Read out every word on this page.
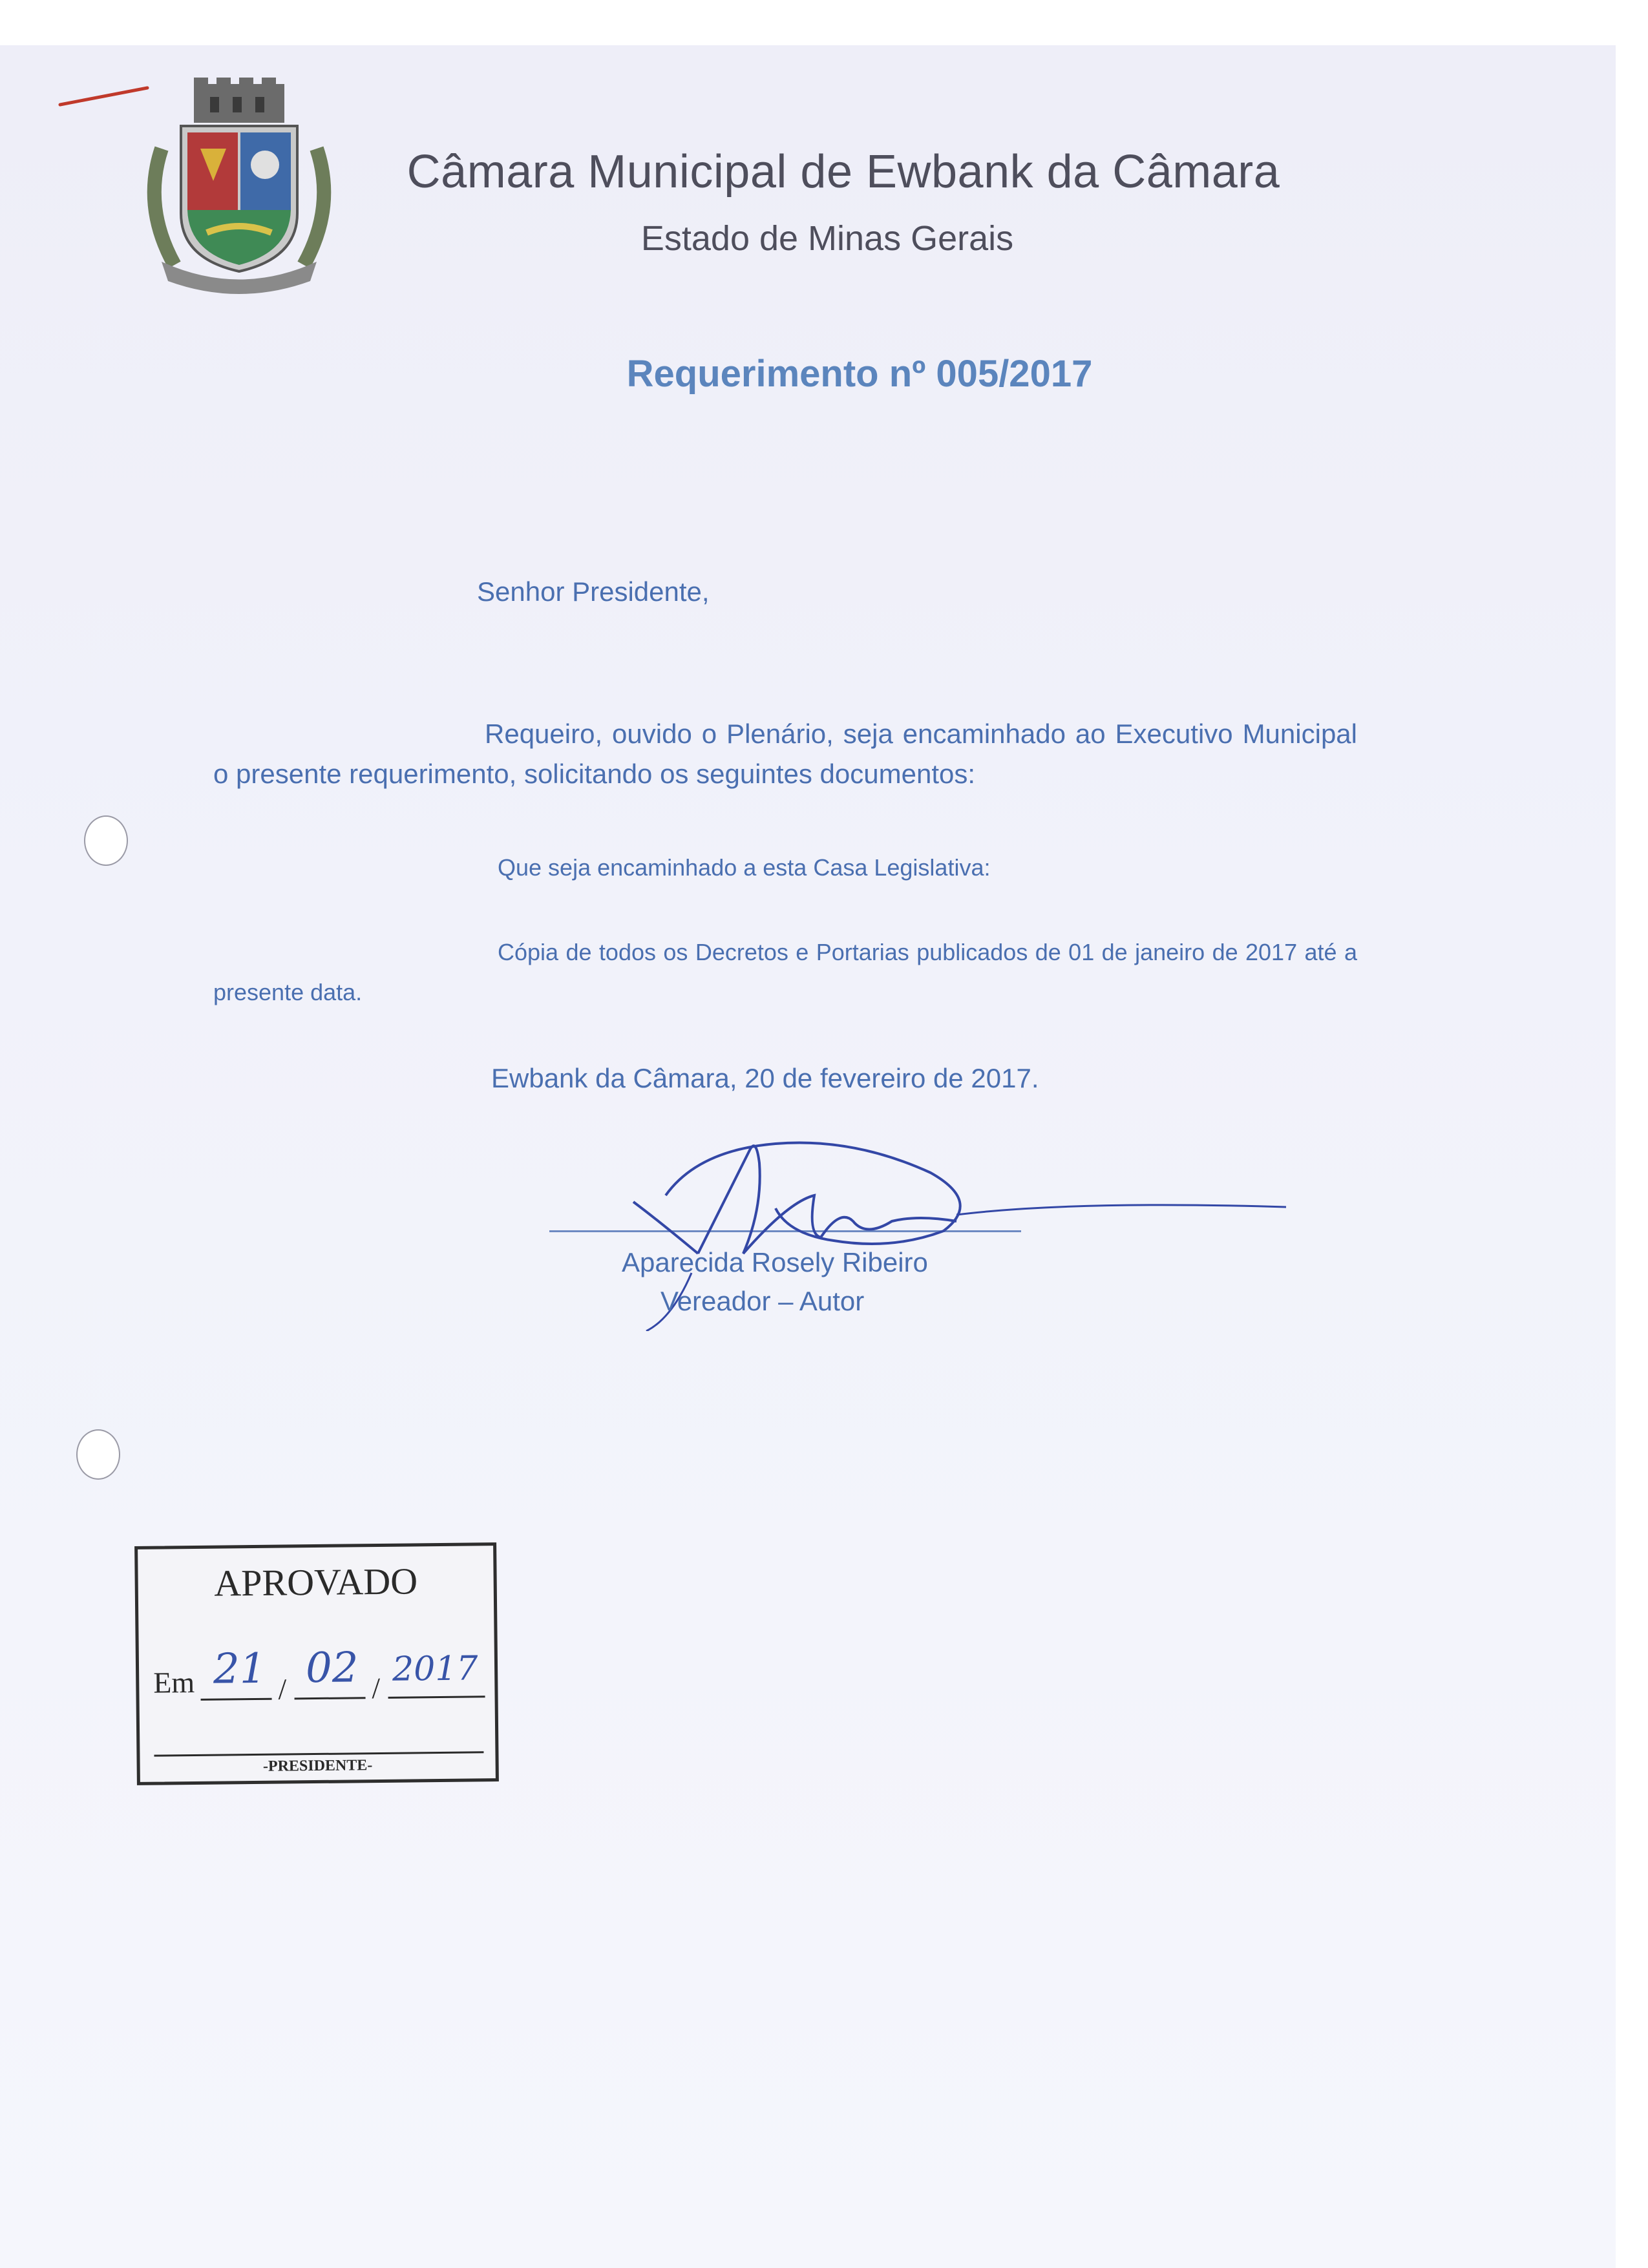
Câmara Municipal de Ewbank da Câmara
Estado de Minas Gerais
Requerimento nº 005/2017
Senhor Presidente,
Requeiro, ouvido o Plenário, seja encaminhado ao Executivo Municipal o presente requerimento, solicitando os seguintes documentos:
Que seja encaminhado a esta Casa Legislativa:
Cópia de todos os Decretos e Portarias publicados de 01 de janeiro de 2017 até a presente data.
Ewbank da Câmara, 20 de fevereiro de 2017.
Aparecida Rosely Ribeiro
Vereador – Autor
APROVADO
Em	/	/
21 02 2017
-PRESIDENTE-
